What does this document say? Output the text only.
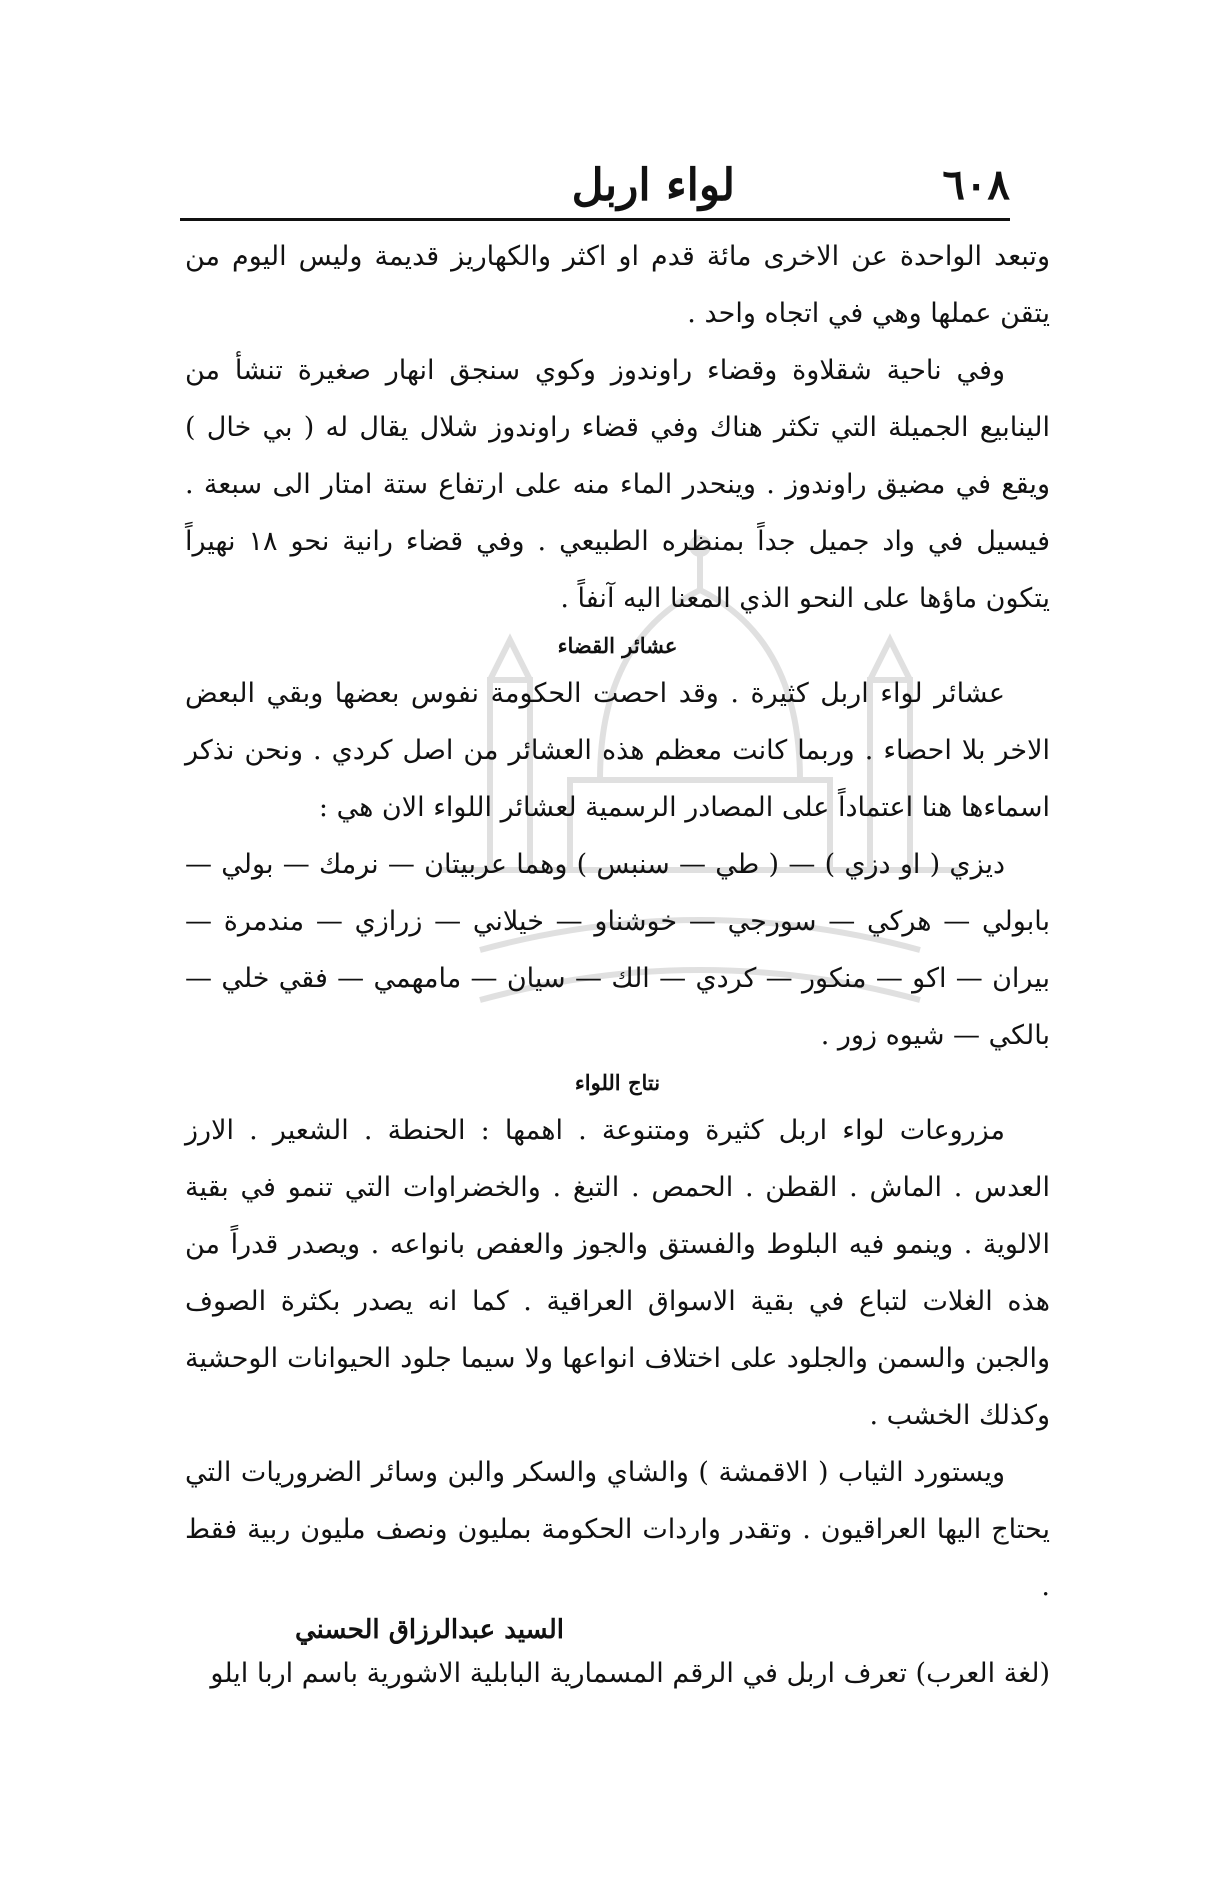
٦٠٨
لواء اربل

وتبعد الواحدة عن الاخرى مائة قدم او اكثر والكهاريز قديمة وليس اليوم من يتقن عملها وهي في اتجاه واحد .

وفي ناحية شقلاوة وقضاء راوندوز وكوي سنجق انهار صغيرة تنشأ من الينابيع الجميلة التي تكثر هناك وفي قضاء راوندوز شلال يقال له ( بي خال ) ويقع في مضيق راوندوز . وينحدر الماء منه على ارتفاع ستة امتار الى سبعة . فيسيل في واد جميل جداً بمنظره الطبيعي . وفي قضاء رانية نحو ١٨ نهيراً يتكون ماؤها على النحو الذي المعنا اليه آنفاً .

عشائر القضاء

عشائر لواء اربل كثيرة . وقد احصت الحكومة نفوس بعضها وبقي البعض الاخر بلا احصاء . وربما كانت معظم هذه العشائر من اصل كردي . ونحن نذكر اسماءها هنا اعتماداً على المصادر الرسمية لعشائر اللواء الان هي :

ديزي ( او دزي ) — ( طي — سنبس ) وهما عربيتان — نرمك — بولي — بابولي — هركي — سورجي — خوشناو — خيلاني — زرازي — مندمرة — بيران — اكو — منكور — كردي — الك — سيان — مامهمي — فقي خلي — بالكي — شيوه زور .

نتاج اللواء

مزروعات لواء اربل كثيرة ومتنوعة . اهمها : الحنطة . الشعير . الارز العدس . الماش . القطن . الحمص . التبغ . والخضراوات التي تنمو في بقية الالوية . وينمو فيه البلوط والفستق والجوز والعفص بانواعه . ويصدر قدراً من هذه الغلات لتباع في بقية الاسواق العراقية . كما انه يصدر بكثرة الصوف والجبن والسمن والجلود على اختلاف انواعها ولا سيما جلود الحيوانات الوحشية وكذلك الخشب .

ويستورد الثياب ( الاقمشة ) والشاي والسكر والبن وسائر الضروريات التي يحتاج اليها العراقيون . وتقدر واردات الحكومة بمليون ونصف مليون ربية فقط .

السيد عبدالرزاق الحسني

(لغة العرب) تعرف اربل في الرقم المسمارية البابلية الاشورية باسم اربا ايلو
